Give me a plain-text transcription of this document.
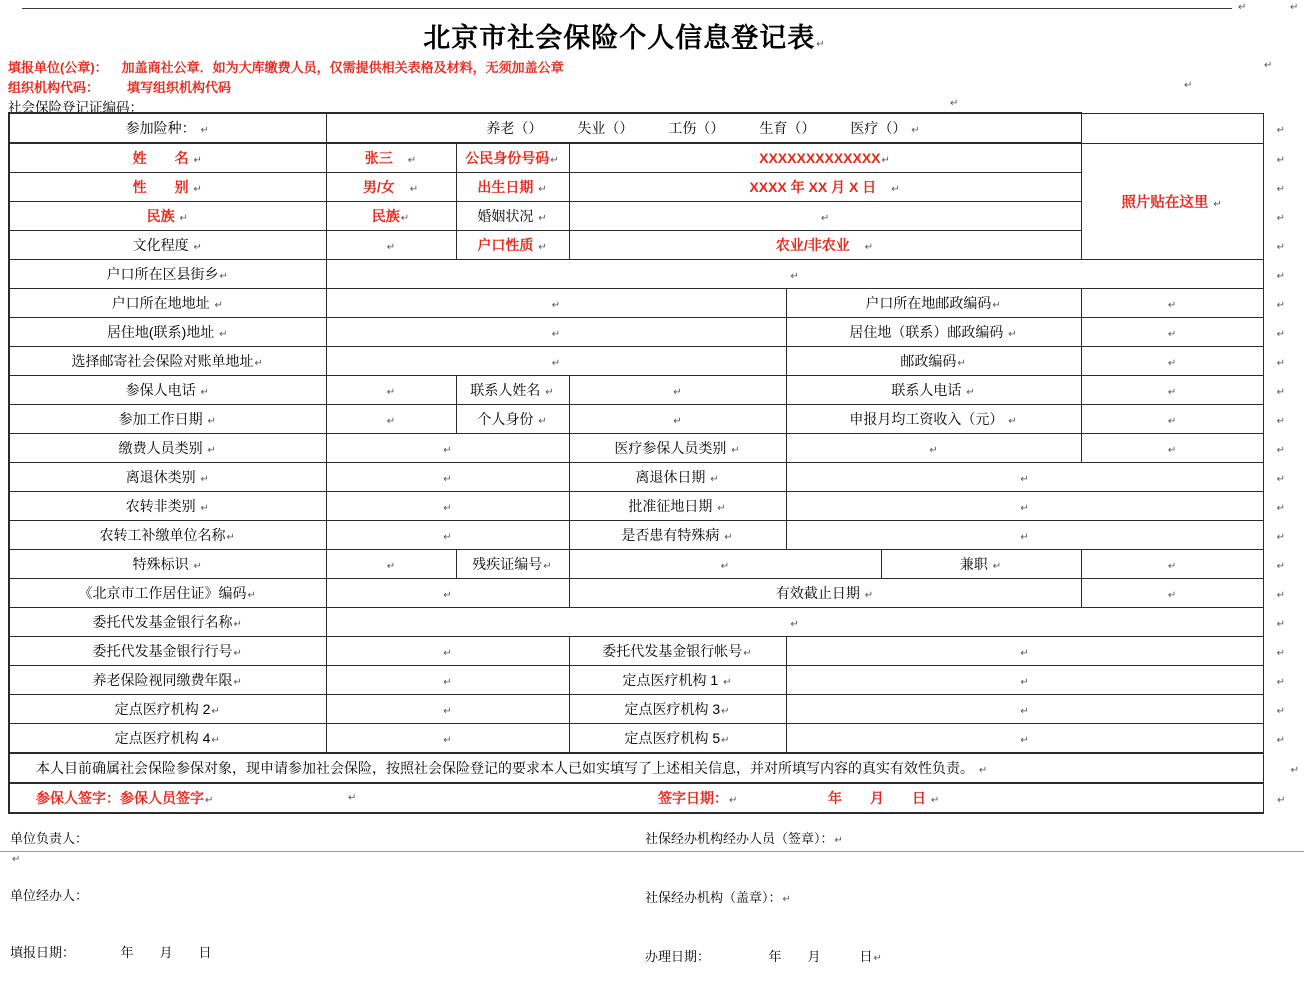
↵	↵
北京市社会保险个人信息登记表↵
填报单位(公章)： 加盖商社公章．如为大库缴费人员，仅需提供相关表格及材料，无须加盖公章	↵
组织机构代码： 填写组织机构代码	↵
社会保险登记证编码：	↵
参加险种： ↵	养老（）　　　失业（）　　　工伤（）　　　生育（）　　　医疗（） ↵						↵
姓　　名 ↵	张三　↵	公民身份号码↵	XXXXXXXXXXXXX↵			照片贴在这里 ↵	↵
性　　别 ↵	男/女　↵	出生日期 ↵	XXXX 年 XX 月 X 日　↵				↵
民族 ↵	民族↵	婚姻状况 ↵	↵				↵
文化程度 ↵	↵	户口性质 ↵	农业/非农业　↵				↵
户口所在区县街乡↵	↵						↵
户口所在地地址 ↵	↵			户口所在地邮政编码↵		↵	↵
居住地(联系)地址 ↵	↵			居住地（联系）邮政编码 ↵		↵	↵
选择邮寄社会保险对账单地址↵	↵			邮政编码↵		↵	↵
参保人电话 ↵	↵	联系人姓名 ↵	↵	联系人电话 ↵		↵	↵
参加工作日期 ↵	↵	个人身份 ↵	↵	申报月均工资收入（元） ↵		↵	↵
缴费人员类别 ↵	↵		医疗参保人员类别 ↵	↵		↵	↵
离退休类别 ↵	↵		离退休日期 ↵	↵			↵
农转非类别 ↵	↵		批准征地日期 ↵	↵			↵
农转工补缴单位名称↵	↵		是否患有特殊病 ↵	↵			↵
特殊标识 ↵	↵	残疾证编号↵	↵		兼职 ↵	↵	↵
《北京市工作居住证》编码↵	↵		有效截止日期 ↵			↵	↵
委托代发基金银行名称↵	↵						↵
委托代发基金银行行号↵	↵		委托代发基金银行帐号↵	↵			↵
养老保险视同缴费年限↵	↵		定点医疗机构 1 ↵	↵			↵
定点医疗机构 2↵	↵		定点医疗机构 3↵	↵			↵
定点医疗机构 4↵	↵		定点医疗机构 5↵	↵			↵
本人目前确属社会保险参保对象，现申请参加社会保险，按照社会保险登记的要求本人已如实填写了上述相关信息，并对所填写内容的真实有效性负责。 ↵							↵

参保人签字：参保人员签字↵ ↵ 签字日期：↵ 年　　月　　日 ↵							↵

单位负责人：

单位经办人：

填报日期：　　　　年　　月　　日

社保经办机构经办人员（签章）：↵

社保经办机构（盖章）：↵

办理日期：　　　　　年　　月　　　日↵

↵
